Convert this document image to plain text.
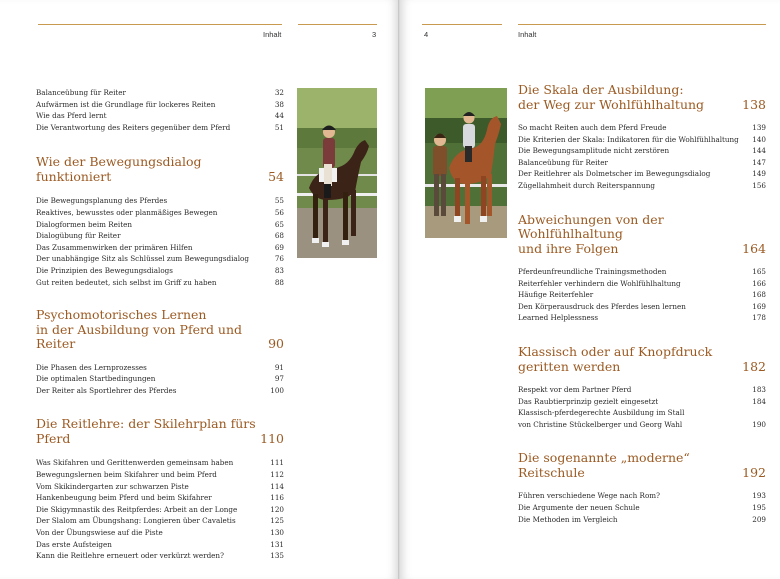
Inhalt	3
Balanceübung für Reiter	32
Aufwärmen ist die Grundlage für lockeres Reiten	38
Wie das Pferd lernt	44
Die Verantwortung des Reiters gegenüber dem Pferd	51
Wie der Bewegungsdialog funktioniert	54
Die Bewegungsplanung des Pferdes	55
Reaktives, bewusstes oder planmäßiges Bewegen	56
Dialogformen beim Reiten	65
Dialogübung für Reiter	68
Das Zusammenwirken der primären Hilfen	69
Der unabhängige Sitz als Schlüssel zum Bewegungsdialog	76
Die Prinzipien des Bewegungsdialogs	83
Gut reiten bedeutet, sich selbst im Griff zu haben	88
Psychomotorisches Lernen
in der Ausbildung von Pferd und Reiter	90
Die Phasen des Lernprozesses	91
Die optimalen Startbedingungen	97
Der Reiter als Sportlehrer des Pferdes	100
Die Reitlehre: der Skilehrplan fürs Pferd	110
Was Skifahren und Gerittenwerden gemeinsam haben	111
Bewegungslernen beim Skifahrer und beim Pferd	112
Vom Skikindergarten zur schwarzen Piste	114
Hankenbeugung beim Pferd und beim Skifahrer	116
Die Skigymnastik des Reitpferdes: Arbeit an der Longe	120
Der Slalom am Übungshang: Longieren über Cavaletis	125
Von der Übungswiese auf die Piste	130
Das erste Aufsteigen	131
Kann die Reitlehre erneuert oder verkürzt werden?	135
4	Inhalt
Die Skala der Ausbildung:
der Weg zur Wohlfühlhaltung	138
So macht Reiten auch dem Pferd Freude	139
Die Kriterien der Skala: Indikatoren für die Wohlfühlhaltung	140
Die Bewegungsamplitude nicht zerstören	144
Balanceübung für Reiter	147
Der Reitlehrer als Dolmetscher im Bewegungsdialog	149
Zügellahmheit durch Reiterspannung	156
Abweichungen von der Wohlfühlhaltung
und ihre Folgen	164
Pferdeunfreundliche Trainingsmethoden	165
Reiterfehler verhindern die Wohlfühlhaltung	166
Häufige Reiterfehler	168
Den Körperausdruck des Pferdes lesen lernen	169
Learned Helplessness	178
Klassisch oder auf Knopfdruck
geritten werden	182
Respekt vor dem Partner Pferd	183
Das Raubtierprinzip gezielt eingesetzt	184
Klassisch-pferdegerechte Ausbildung im Stall
von Christine Stückelberger und Georg Wahl	190
Die sogenannte „moderne“ Reitschule	192
Führen verschiedene Wege nach Rom?	193
Die Argumente der neuen Schule	195
Die Methoden im Vergleich	209
